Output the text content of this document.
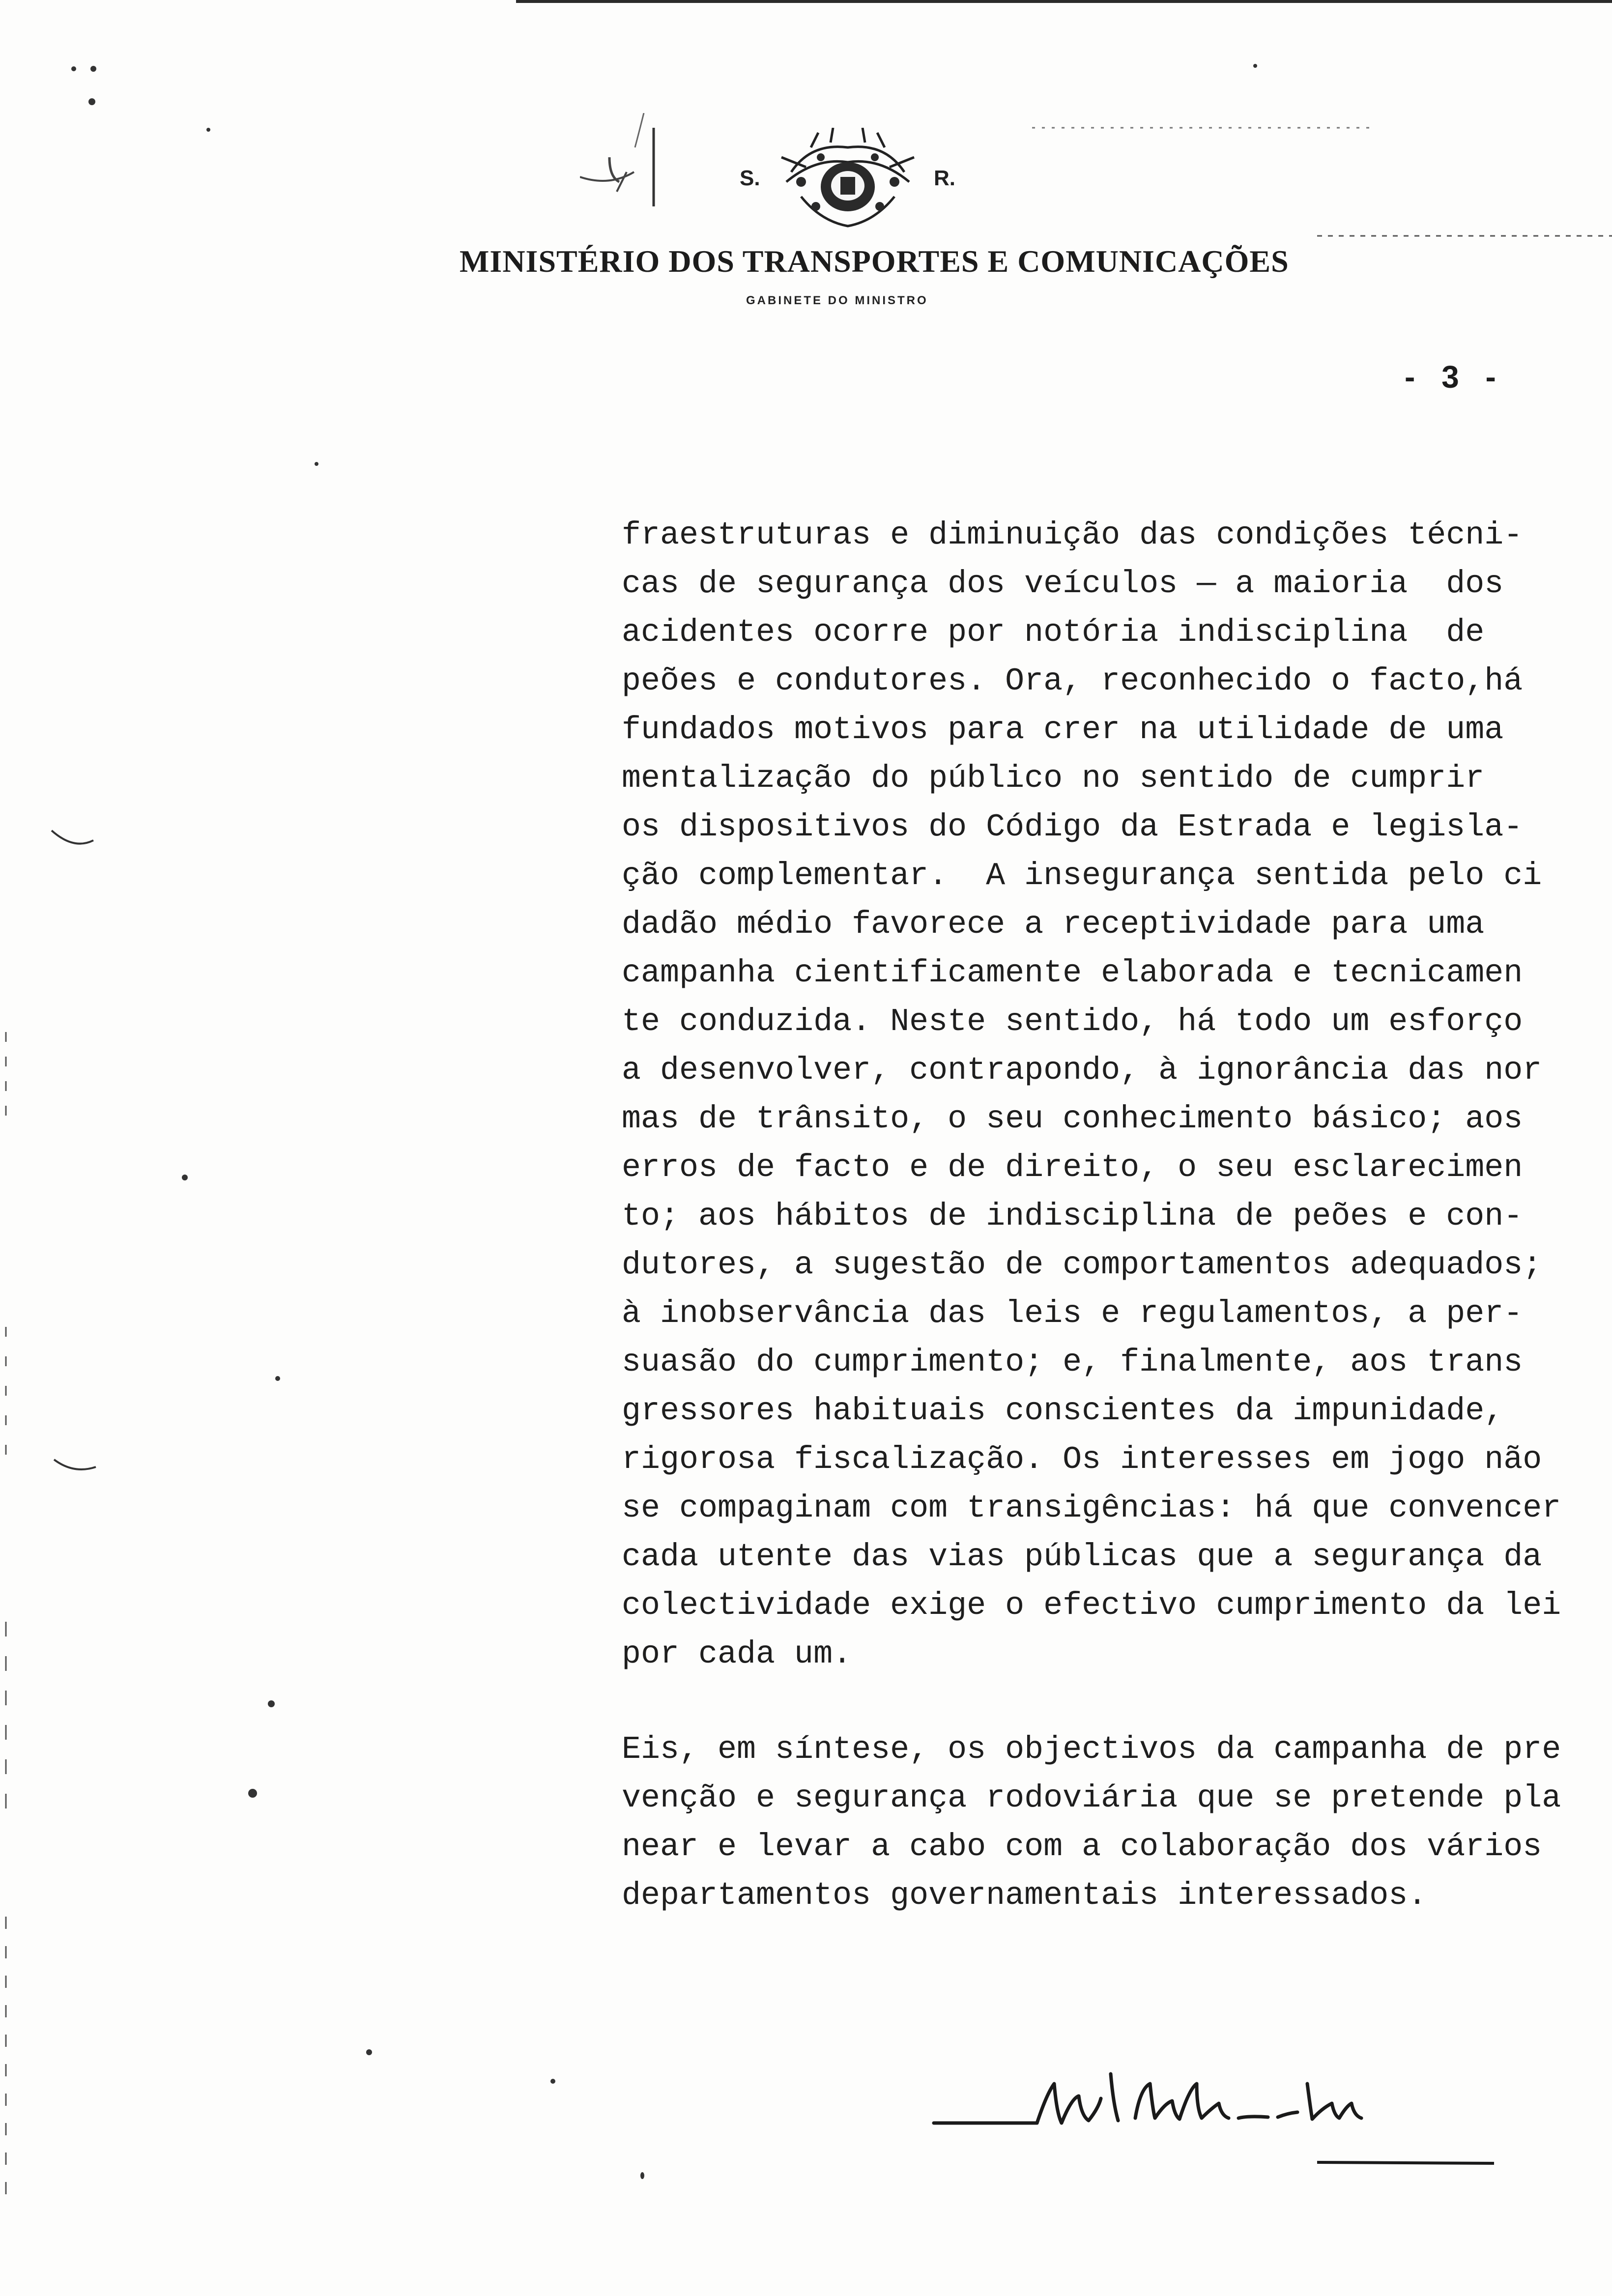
S.	R.
MINISTÉRIO DOS TRANSPORTES E COMUNICAÇÕES
GABINETE DO MINISTRO
- 3 -
fraestruturas e diminuição das condições técni-
cas de segurança dos veículos — a maioria  dos
acidentes ocorre por notória indisciplina  de
peões e condutores. Ora, reconhecido o facto,há
fundados motivos para crer na utilidade de uma
mentalização do público no sentido de cumprir
os dispositivos do Código da Estrada e legisla-
ção complementar.  A insegurança sentida pelo ci
dadão médio favorece a receptividade para uma
campanha cientificamente elaborada e tecnicamen
te conduzida. Neste sentido, há todo um esforço
a desenvolver, contrapondo, à ignorância das nor
mas de trânsito, o seu conhecimento básico; aos
erros de facto e de direito, o seu esclarecimen
to; aos hábitos de indisciplina de peões e con-
dutores, a sugestão de comportamentos adequados;
à inobservância das leis e regulamentos, a per-
suasão do cumprimento; e, finalmente, aos trans
gressores habituais conscientes da impunidade,
rigorosa fiscalização. Os interesses em jogo não
se compaginam com transigências: há que convencer
cada utente das vias públicas que a segurança da
colectividade exige o efectivo cumprimento da lei
por cada um.
Eis, em síntese, os objectivos da campanha de pre
venção e segurança rodoviária que se pretende pla
near e levar a cabo com a colaboração dos vários
departamentos governamentais interessados.
